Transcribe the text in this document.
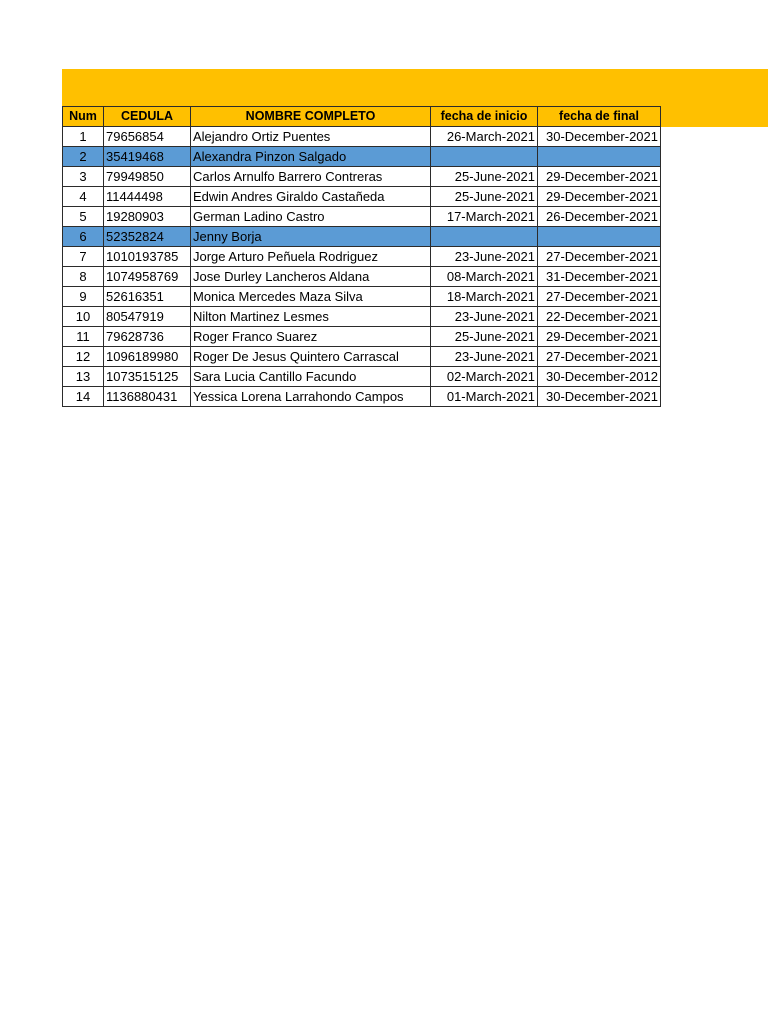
Num	CEDULA	NOMBRE COMPLETO	fecha de inicio	fecha de final
1	79656854	Alejandro Ortiz Puentes	26-March-2021	30-December-2021
2	35419468	Alexandra Pinzon Salgado		
3	79949850	Carlos Arnulfo Barrero Contreras	25-June-2021	29-December-2021
4	11444498	Edwin Andres Giraldo Castañeda	25-June-2021	29-December-2021
5	19280903	German Ladino Castro	17-March-2021	26-December-2021
6	52352824	Jenny Borja		
7	1010193785	Jorge Arturo Peñuela Rodriguez	23-June-2021	27-December-2021
8	1074958769	Jose Durley Lancheros Aldana	08-March-2021	31-December-2021
9	52616351	Monica Mercedes Maza Silva	18-March-2021	27-December-2021
10	80547919	Nilton Martinez Lesmes	23-June-2021	22-December-2021
11	79628736	Roger Franco Suarez	25-June-2021	29-December-2021
12	1096189980	Roger De Jesus Quintero Carrascal	23-June-2021	27-December-2021
13	1073515125	Sara Lucia Cantillo Facundo	02-March-2021	30-December-2012
14	1136880431	Yessica Lorena Larrahondo Campos	01-March-2021	30-December-2021
